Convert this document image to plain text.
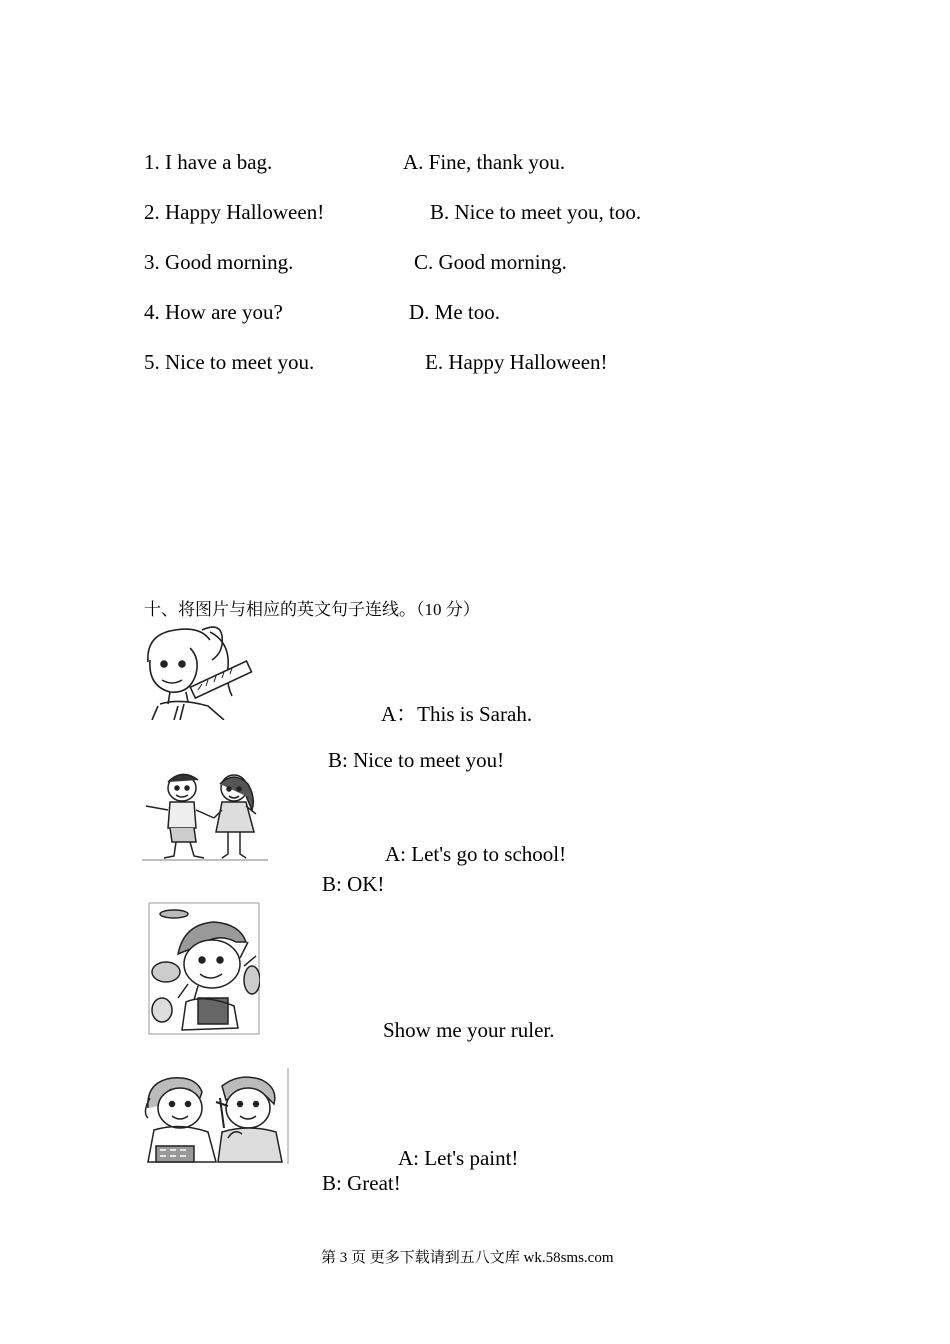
1. I have a bag.	A. Fine, thank you.
2. Happy Halloween!	B. Nice to meet you, too.
3. Good morning.	C. Good morning.
4. How are you?	D. Me too.
5. Nice to meet you.	E. Happy Halloween!
十、将图片与相应的英文句子连线。（10 分）
A：This is Sarah.
B: Nice to meet you!
A: Let's go to school!
B: OK!
Show me your ruler.
A: Let's paint!
B: Great!
第 3 页 更多下载请到五八文库 wk.58sms.com
